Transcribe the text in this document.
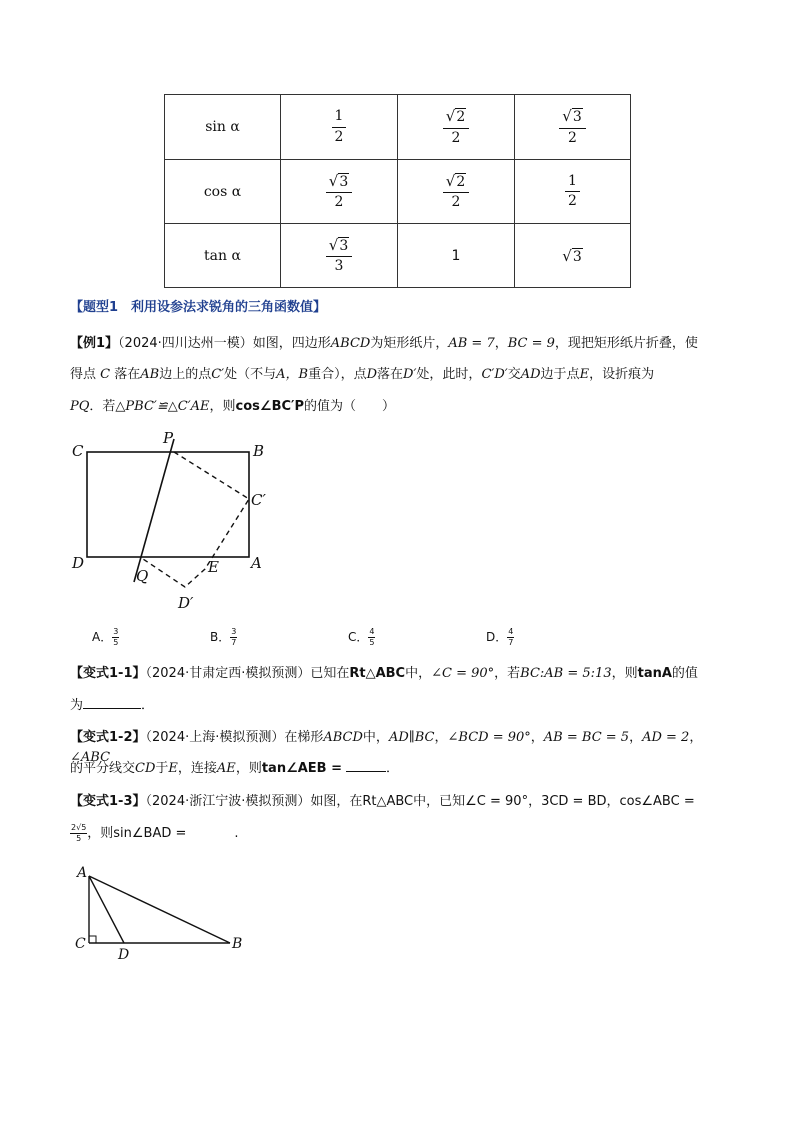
sin α	$\frac{1}{2}$	$\frac{√2}{2}$	$\frac{√3}{2}$

cos α	$\frac{√3}{2}$	$\frac{√2}{2}$	$\frac{1}{2}$

tan α	$\frac{√3}{3}$	1	√3
【题型1　利用设参法求锐角的三角函数值】
【例1】（2024·四川达州一模）如图，四边形ABCD为矩形纸片，AB = 7，BC = 9，现把矩形纸片折叠，使
得点 C 落在AB边上的点C′处（不与A，B重合），点D落在D′处，此时，C′D′交AD边于点E，设折痕为
PQ．若△PBC′≌△C′AE，则cos∠BC′P的值为（　　）
C	B
P
C′
D
Q	E A
D′
A． $\frac{3}{5}$	B． $\frac{3}{7}$	C． $\frac{4}{5}$	D． $\frac{4}{7}$
【变式1-1】（2024·甘肃定西·模拟预测）已知在Rt△ABC中，∠C = 90°，若BC:AB = 5:13，则tanA的值
为	．
【变式1-2】（2024·上海·模拟预测）在梯形ABCD中，AD∥BC，∠BCD = 90°，AB = BC = 5，AD = 2，∠ABC
的平分线交CD于E，连接AE，则tan∠AEB =	．
【变式1-3】（2024·浙江宁波·模拟预测）如图，在Rt△ABC中，已知∠C = 90°，3CD = BD，cos∠ABC =
$\frac{2√5}{5}$ ，则sin∠BAD =	.
A
C
D
B
